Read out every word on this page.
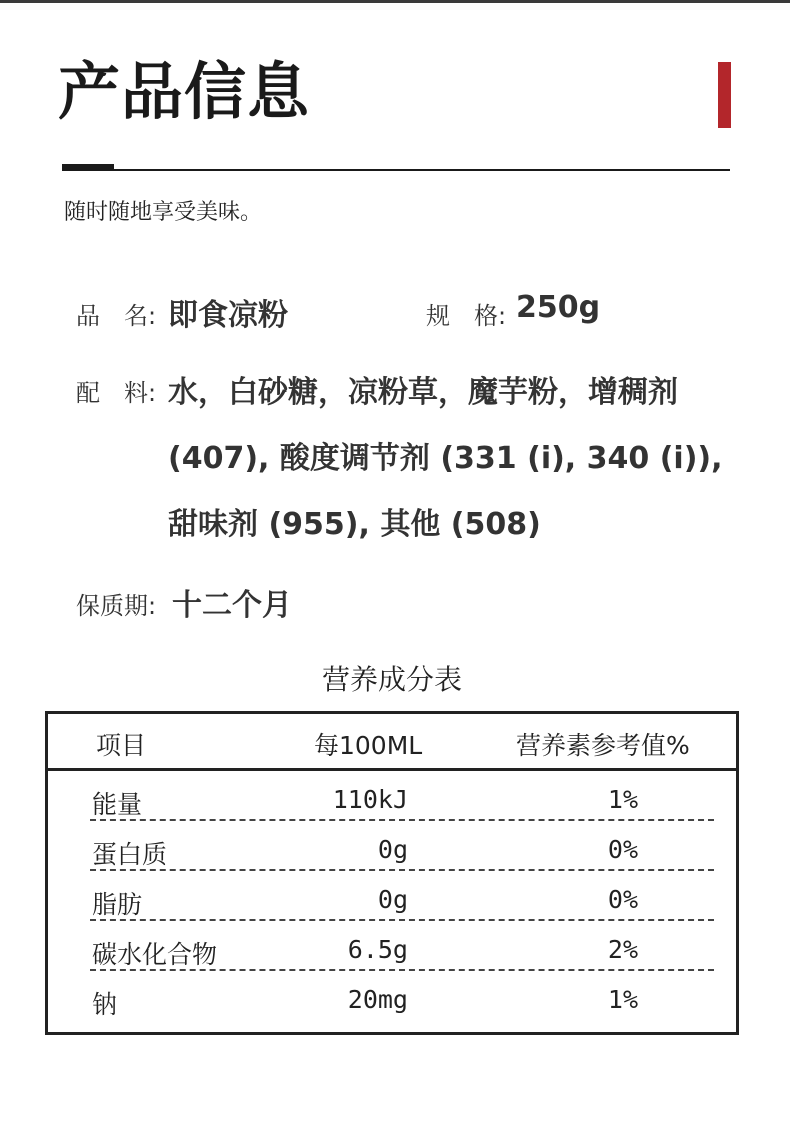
产品信息
随时随地享受美味。
品　名: 即食凉粉	规　格: 250g
配　料: 水，白砂糖，凉粉草，魔芋粉，增稠剂 (407), 酸度调节剂 (331 (i), 340 (i)), 甜味剂 (955), 其他 (508)
保质期: 十二个月
营养成分表
项目	每100ML	营养素参考值%
能量	110kJ	1%
蛋白质	0g	0%
脂肪	0g	0%
碳水化合物	6.5g	2%
钠	20mg	1%
